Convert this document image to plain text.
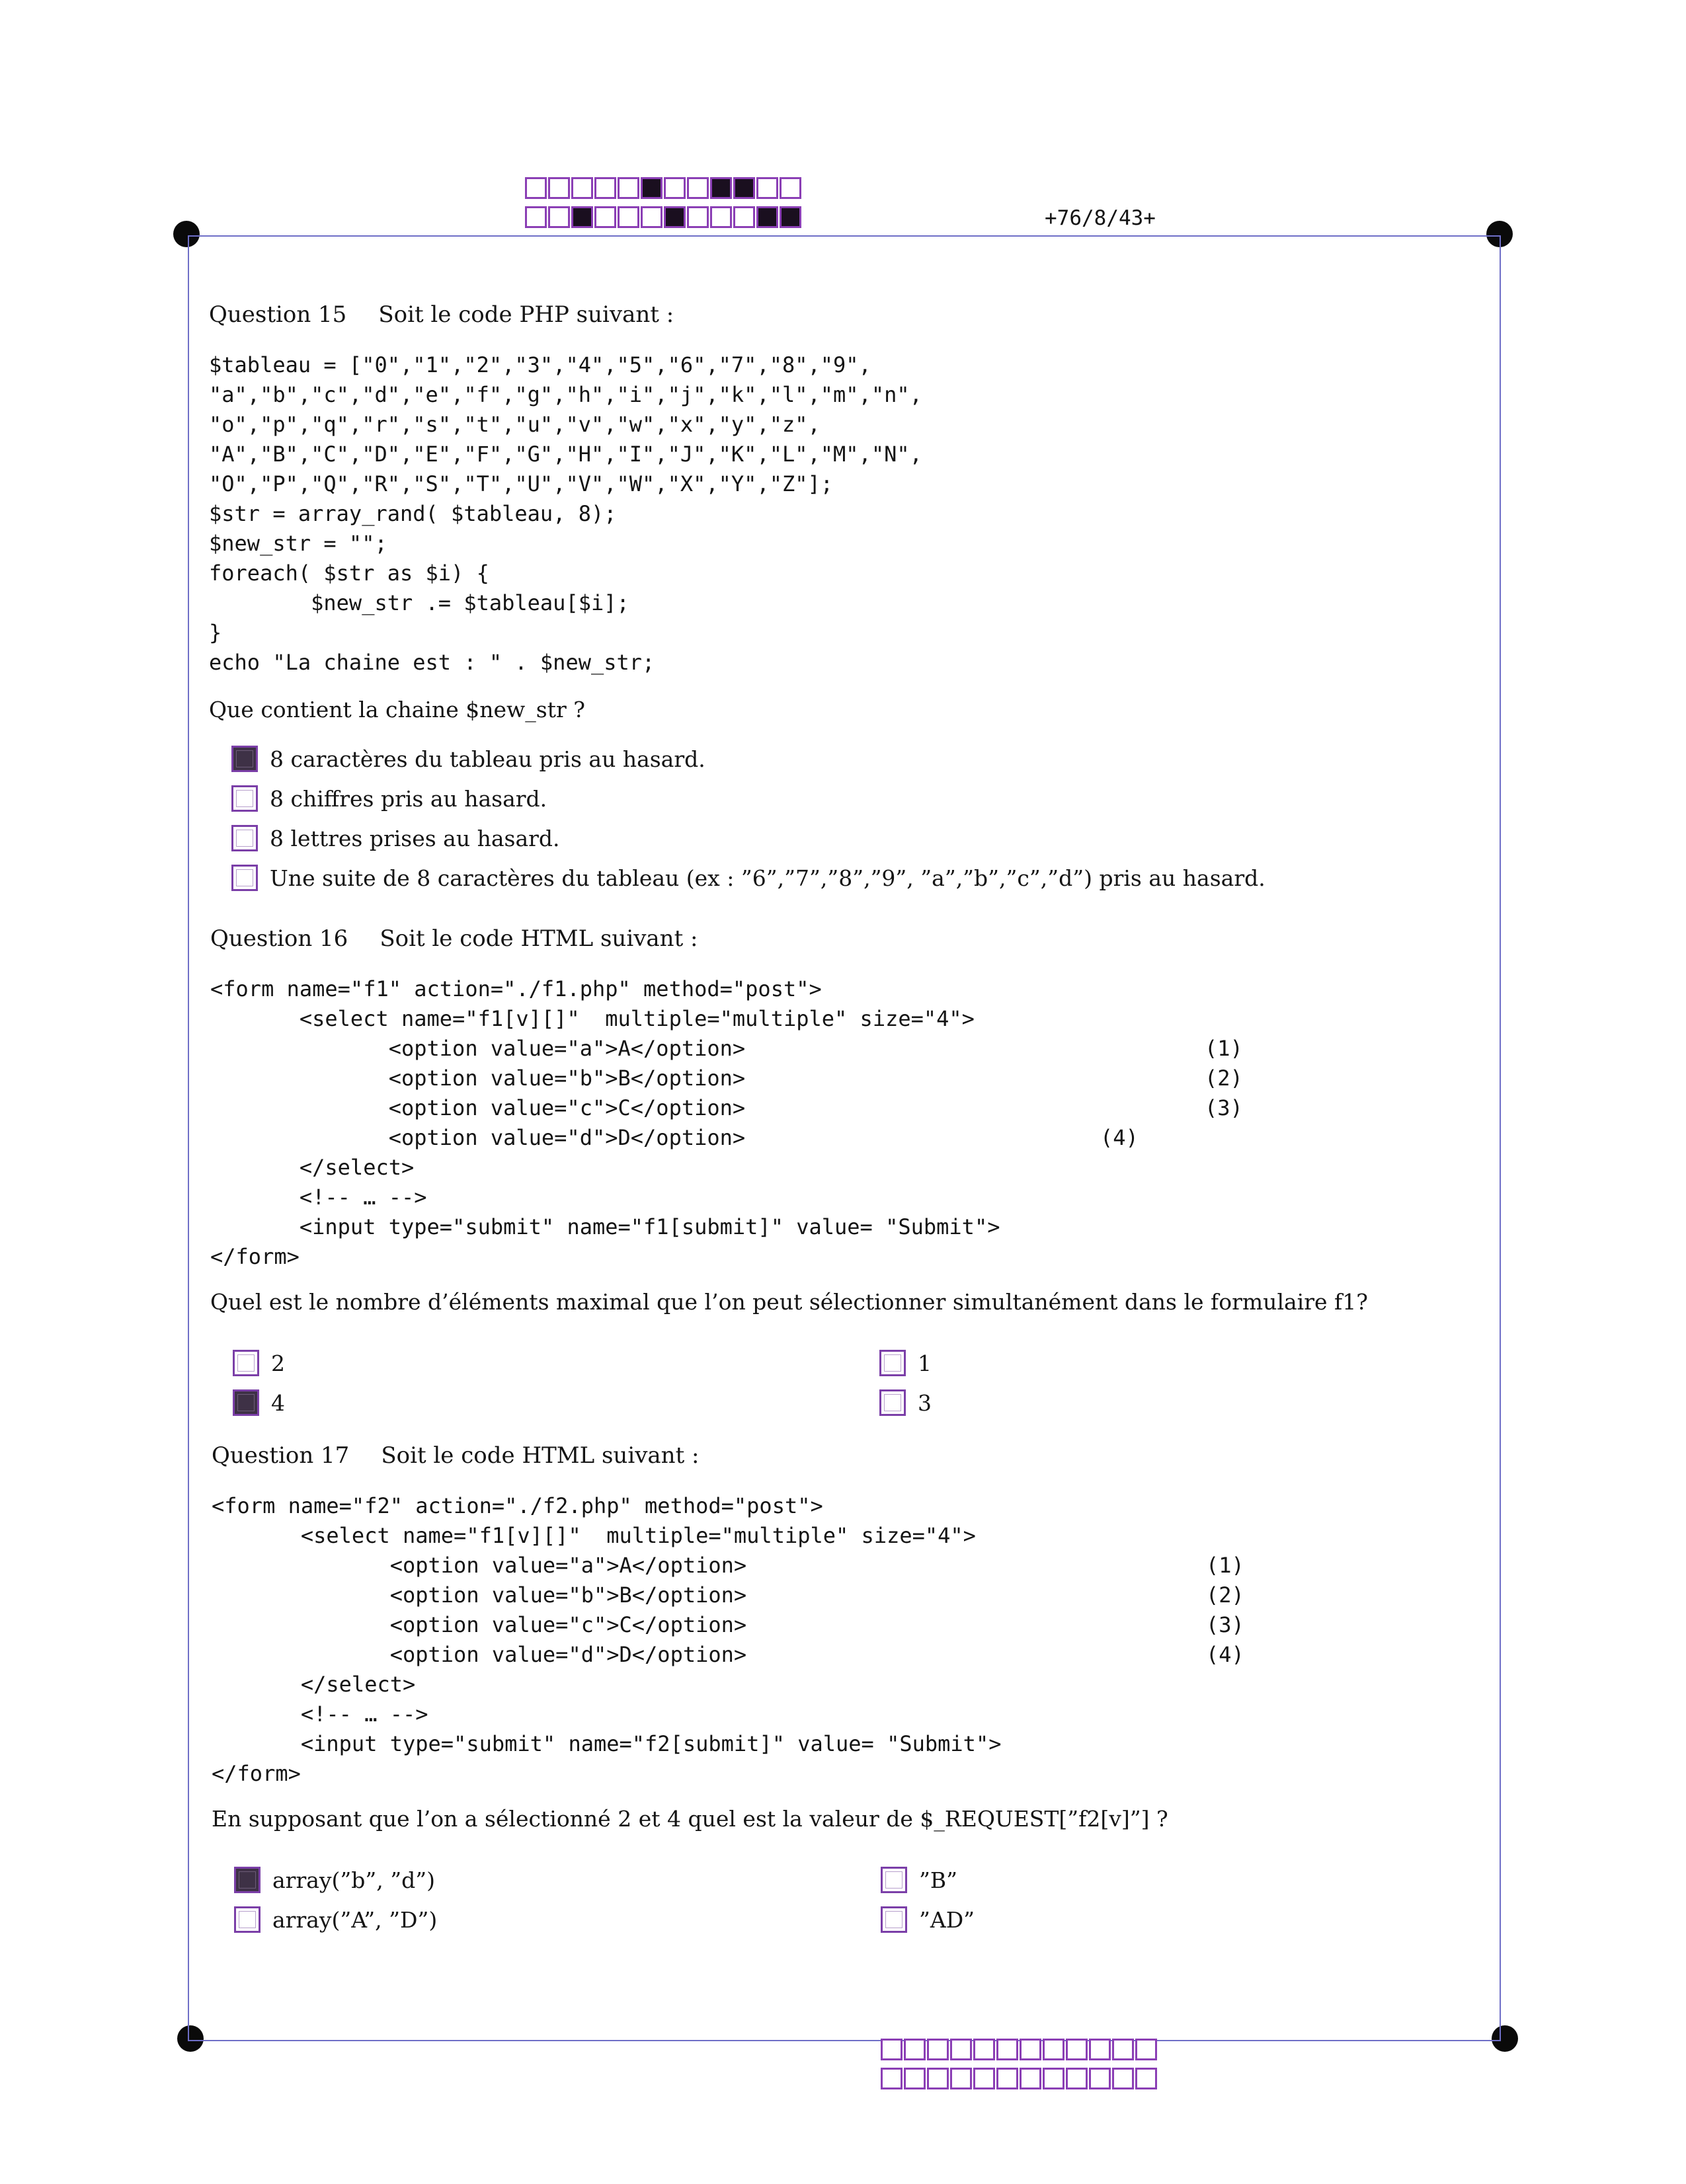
+76/8/43+
Question 15 Soit le code PHP suivant :
$tableau = ["0","1","2","3","4","5","6","7","8","9",
"a","b","c","d","e","f","g","h","i","j","k","l","m","n",
"o","p","q","r","s","t","u","v","w","x","y","z",
"A","B","C","D","E","F","G","H","I","J","K","L","M","N",
"O","P","Q","R","S","T","U","V","W","X","Y","Z"];
$str = array_rand( $tableau, 8);
$new_str = "";
foreach( $str as $i) {
$new_str .= $tableau[$i];
}
echo "La chaine est : " . $new_str;
Que contient la chaine $new_str ?
8 caractères du tableau pris au hasard.
8 chiffres pris au hasard.
8 lettres prises au hasard.
Une suite de 8 caractères du tableau (ex : ”6”,”7”,”8”,”9”, ”a”,”b”,”c”,”d”) pris au hasard.
Question 16 Soit le code HTML suivant :
<form name="f1" action="./f1.php" method="post">
<select name="f1[v][]"  multiple="multiple" size="4">
<option value="a">A</option>
<option value="b">B</option>
<option value="c">C</option>
<option value="d">D</option>
</select>
<!-- … -->
<input type="submit" name="f1[submit]" value= "Submit">
</form>
(1)
(2)
(3)
(4)
Quel est le nombre d’éléments maximal que l’on peut sélectionner simultanément dans le formulaire f1?
2
4
1
3
Question 17 Soit le code HTML suivant :
<form name="f2" action="./f2.php" method="post">
<select name="f1[v][]"  multiple="multiple" size="4">
<option value="a">A</option>
<option value="b">B</option>
<option value="c">C</option>
<option value="d">D</option>
</select>
<!-- … -->
<input type="submit" name="f2[submit]" value= "Submit">
</form>
(1)
(2)
(3)
(4)
En supposant que l’on a sélectionné 2 et 4 quel est la valeur de $_REQUEST[”f2[v]”] ?
array(”b”, ”d”)
array(”A”, ”D”)
”B”
”AD”
